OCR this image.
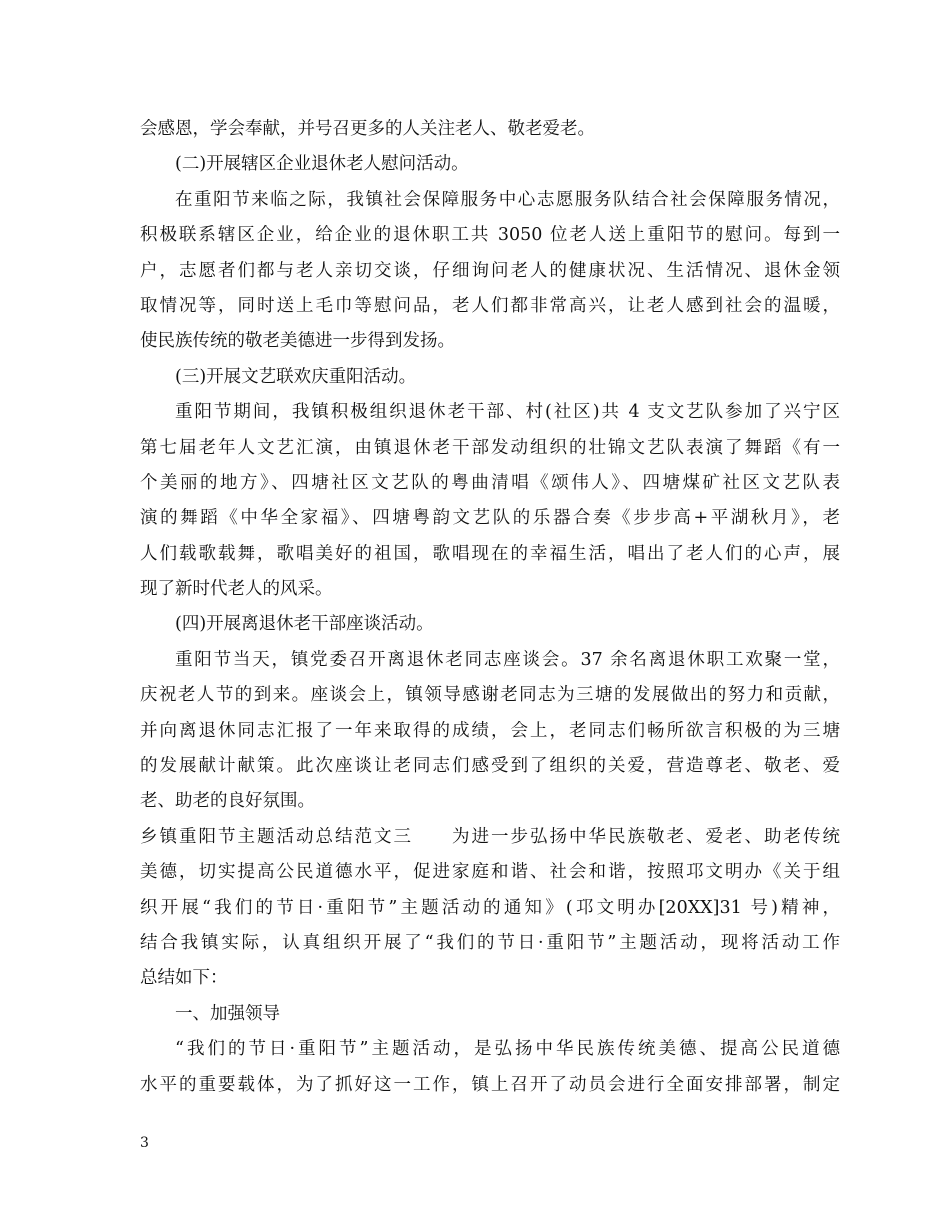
会感恩，学会奉献，并号召更多的人关注老人、敬老爱老。
(二)开展辖区企业退休老人慰问活动。
在重阳节来临之际，我镇社会保障服务中心志愿服务队结合社会保障服务情况，
积极联系辖区企业，给企业的退休职工共 3050 位老人送上重阳节的慰问。每到一
户，志愿者们都与老人亲切交谈，仔细询问老人的健康状况、生活情况、退休金领
取情况等，同时送上毛巾等慰问品，老人们都非常高兴，让老人感到社会的温暖，
使民族传统的敬老美德进一步得到发扬。
(三)开展文艺联欢庆重阳活动。
重阳节期间，我镇积极组织退休老干部、村(社区)共 4 支文艺队参加了兴宁区
第七届老年人文艺汇演，由镇退休老干部发动组织的壮锦文艺队表演了舞蹈《有一
个美丽的地方》、四塘社区文艺队的粤曲清唱《颂伟人》、四塘煤矿社区文艺队表
演的舞蹈《中华全家福》、四塘粤韵文艺队的乐器合奏《步步高+平湖秋月》，老
人们载歌载舞，歌唱美好的祖国，歌唱现在的幸福生活，唱出了老人们的心声，展
现了新时代老人的风采。
(四)开展离退休老干部座谈活动。
重阳节当天，镇党委召开离退休老同志座谈会。37 余名离退休职工欢聚一堂，
庆祝老人节的到来。座谈会上，镇领导感谢老同志为三塘的发展做出的努力和贡献，
并向离退休同志汇报了一年来取得的成绩，会上，老同志们畅所欲言积极的为三塘
的发展献计献策。此次座谈让老同志们感受到了组织的关爱，营造尊老、敬老、爱
老、助老的良好氛围。
乡镇重阳节主题活动总结范文三　　为进一步弘扬中华民族敬老、爱老、助老传统
美德，切实提高公民道德水平，促进家庭和谐、社会和谐，按照邛文明办《关于组
织开展“我们的节日·重阳节”主题活动的通知》(邛文明办[20XX]31 号)精神，
结合我镇实际，认真组织开展了“我们的节日·重阳节”主题活动，现将活动工作
总结如下：
一、加强领导
“我们的节日·重阳节”主题活动，是弘扬中华民族传统美德、提高公民道德
水平的重要载体，为了抓好这一工作，镇上召开了动员会进行全面安排部署，制定
3
